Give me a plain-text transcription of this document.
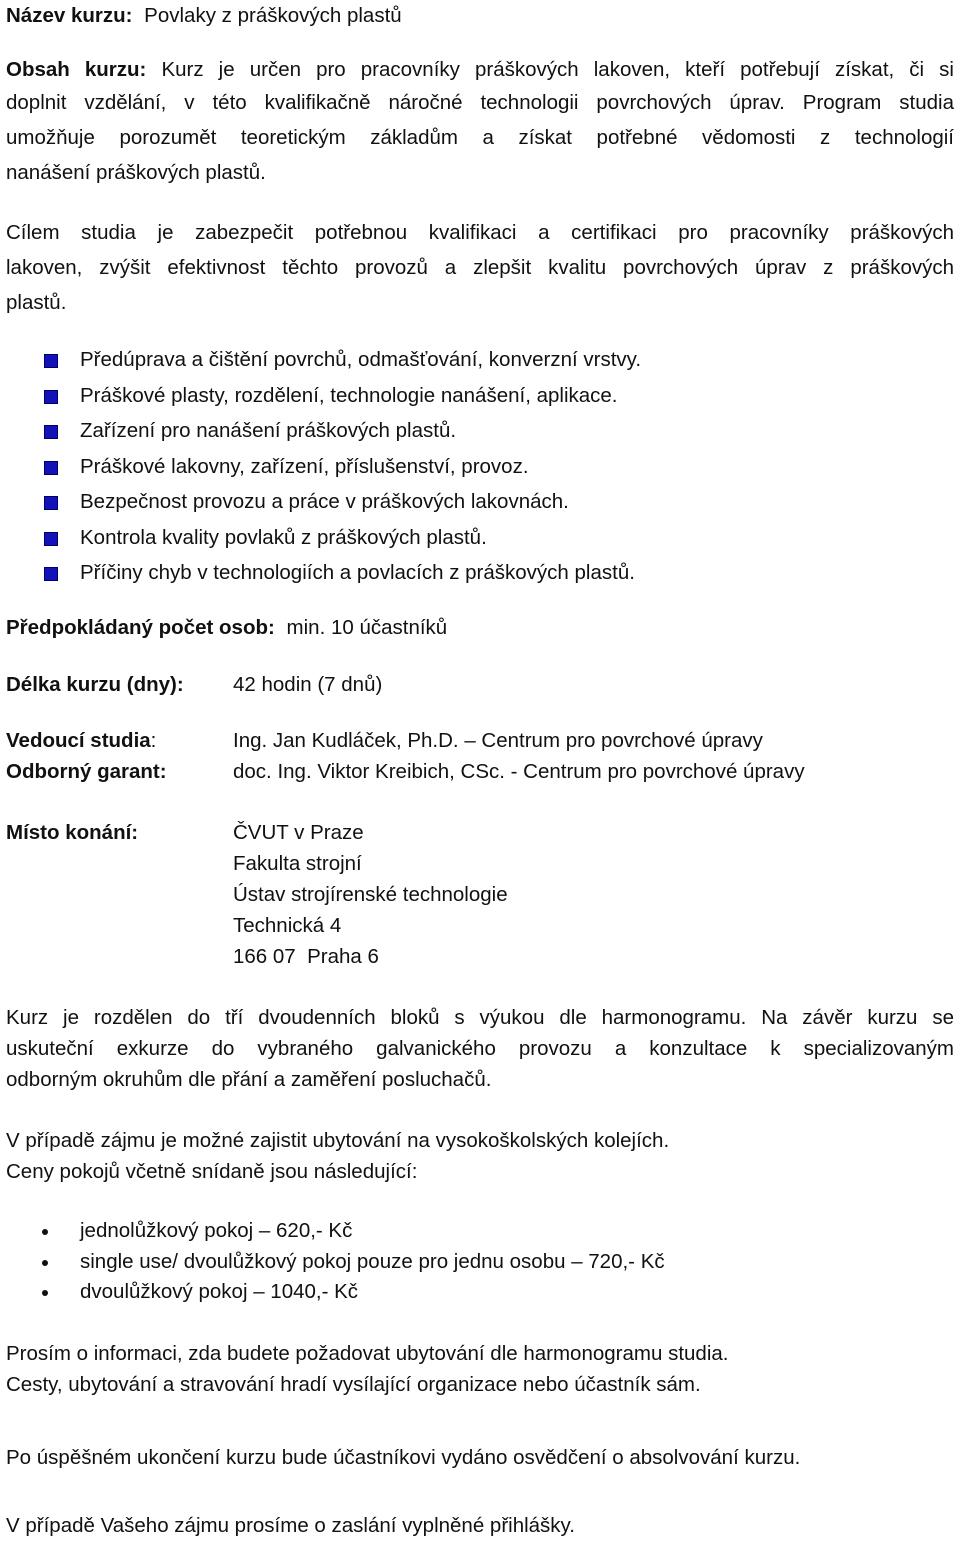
Název kurzu: Povlaky z práškových plastů
Obsah kurzu: Kurz je určen pro pracovníky práškových lakoven, kteří potřebují získat, či si
doplnit vzdělání, v této kvalifikačně náročné technologii povrchových úprav. Program studia
umožňuje porozumět teoretickým základům a získat potřebné vědomosti z technologií
nanášení práškových plastů.
Cílem studia je zabezpečit potřebnou kvalifikaci a certifikaci pro pracovníky práškových
lakoven, zvýšit efektivnost těchto provozů a zlepšit kvalitu povrchových úprav z práškových
plastů.
Předúprava a čištění povrchů, odmašťování, konverzní vrstvy.
Práškové plasty, rozdělení, technologie nanášení, aplikace.
Zařízení pro nanášení práškových plastů.
Práškové lakovny, zařízení, příslušenství, provoz.
Bezpečnost provozu a práce v práškových lakovnách.
Kontrola kvality povlaků z práškových plastů.
Příčiny chyb v technologiích a povlacích z práškových plastů.
Předpokládaný počet osob: min. 10 účastníků
Délka kurzu (dny): 42 hodin (7 dnů)
Vedoucí studia:	Ing. Jan Kudláček, Ph.D. – Centrum pro povrchové úpravy
Odborný garant:	doc. Ing. Viktor Kreibich, CSc. - Centrum pro povrchové úpravy
Místo konání:	ČVUT v Praze
Fakulta strojní
Ústav strojírenské technologie
Technická 4
166 07  Praha 6
Kurz je rozdělen do tří dvoudenních bloků s výukou dle harmonogramu. Na závěr kurzu se
uskuteční exkurze do vybraného galvanického provozu a konzultace k specializovaným
odborným okruhům dle přání a zaměření posluchačů.
V případě zájmu je možné zajistit ubytování na vysokoškolských kolejích.
Ceny pokojů včetně snídaně jsou následující:
jednolůžkový pokoj – 620,- Kč
single use/ dvoulůžkový pokoj pouze pro jednu osobu – 720,- Kč
dvoulůžkový pokoj – 1040,- Kč
Prosím o informaci, zda budete požadovat ubytování dle harmonogramu studia.
Cesty, ubytování a stravování hradí vysílající organizace nebo účastník sám.
Po úspěšném ukončení kurzu bude účastníkovi vydáno osvědčení o absolvování kurzu.
V případě Vašeho zájmu prosíme o zaslání vyplněné přihlášky.
